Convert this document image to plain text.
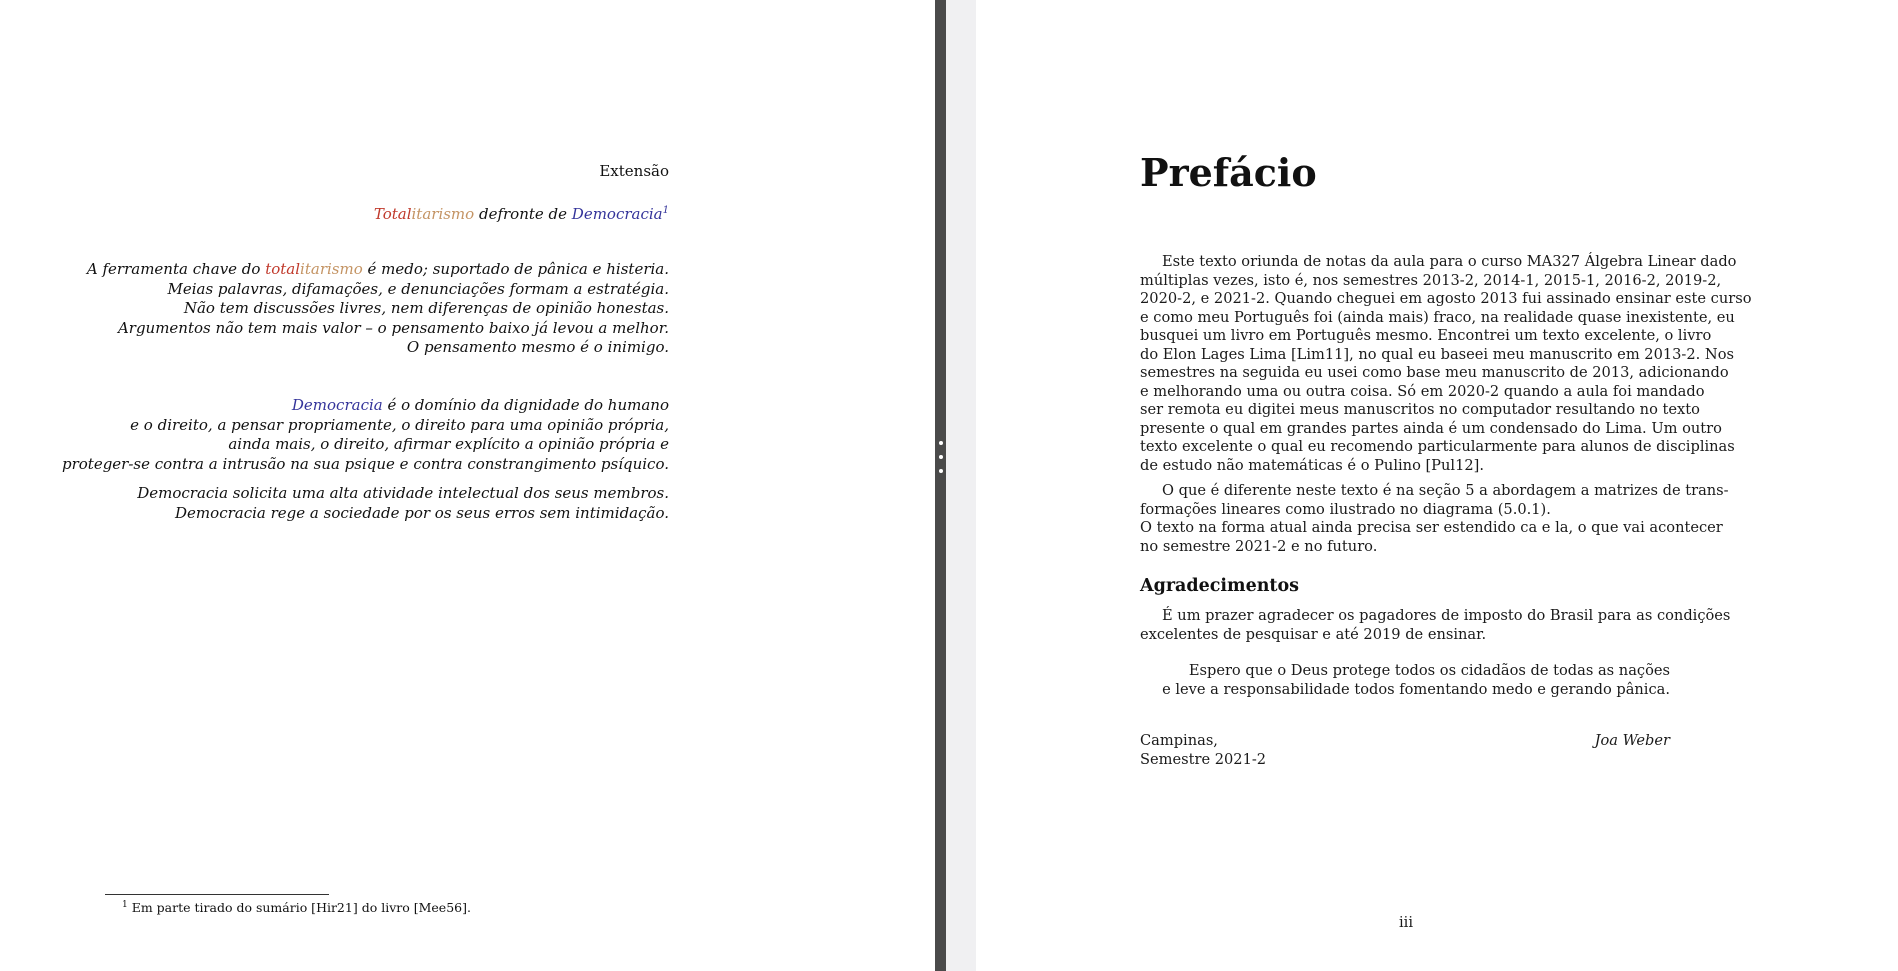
Extensão
Totalitarismo defronte de Democracia$^1$
A ferramenta chave do totalitarismo é medo; suportado de pânica e histeria.
Meias palavras, difamações, e denunciações formam a estratégia.
Não tem discussões livres, nem diferenças de opinião honestas.
Argumentos não tem mais valor – o pensamento baixo já levou a melhor.
O pensamento mesmo é o inimigo.
Democracia é o domínio da dignidade do humano
e o direito, a pensar propriamente, o direito para uma opinião própria,
ainda mais, o direito, afirmar explícito a opinião própria e
proteger-se contra a intrusão na sua psique e contra constrangimento psíquico.
Democracia solicita uma alta atividade intelectual dos seus membros.
Democracia rege a sociedade por os seus erros sem intimidação.
$^1$ Em parte tirado do sumário [Hir21] do livro [Mee56].
Prefácio
Este texto oriunda de notas da aula para o curso MA327 Álgebra Linear dado
múltiplas vezes, isto é, nos semestres 2013-2, 2014-1, 2015-1, 2016-2, 2019-2,
2020-2, e 2021-2. Quando cheguei em agosto 2013 fui assinado ensinar este curso
e como meu Português foi (ainda mais) fraco, na realidade quase inexistente, eu
busquei um livro em Português mesmo. Encontrei um texto excelente, o livro
do Elon Lages Lima [Lim11], no qual eu baseei meu manuscrito em 2013-2. Nos
semestres na seguida eu usei como base meu manuscrito de 2013, adicionando
e melhorando uma ou outra coisa. Só em 2020-2 quando a aula foi mandado
ser remota eu digitei meus manuscritos no computador resultando no texto
presente o qual em grandes partes ainda é um condensado do Lima. Um outro
texto excelente o qual eu recomendo particularmente para alunos de disciplinas
de estudo não matemáticas é o Pulino [Pul12].
O que é diferente neste texto é na seção 5 a abordagem a matrizes de trans-
formações lineares como ilustrado no diagrama (5.0.1).
O texto na forma atual ainda precisa ser estendido ca e la, o que vai acontecer
no semestre 2021-2 e no futuro.
Agradecimentos
É um prazer agradecer os pagadores de imposto do Brasil para as condições
excelentes de pesquisar e até 2019 de ensinar.
Espero que o Deus protege todos os cidadãos de todas as nações
e leve a responsabilidade todos fomentando medo e gerando pânica.
Campinas,
Semestre 2021-2
Joa Weber
iii
